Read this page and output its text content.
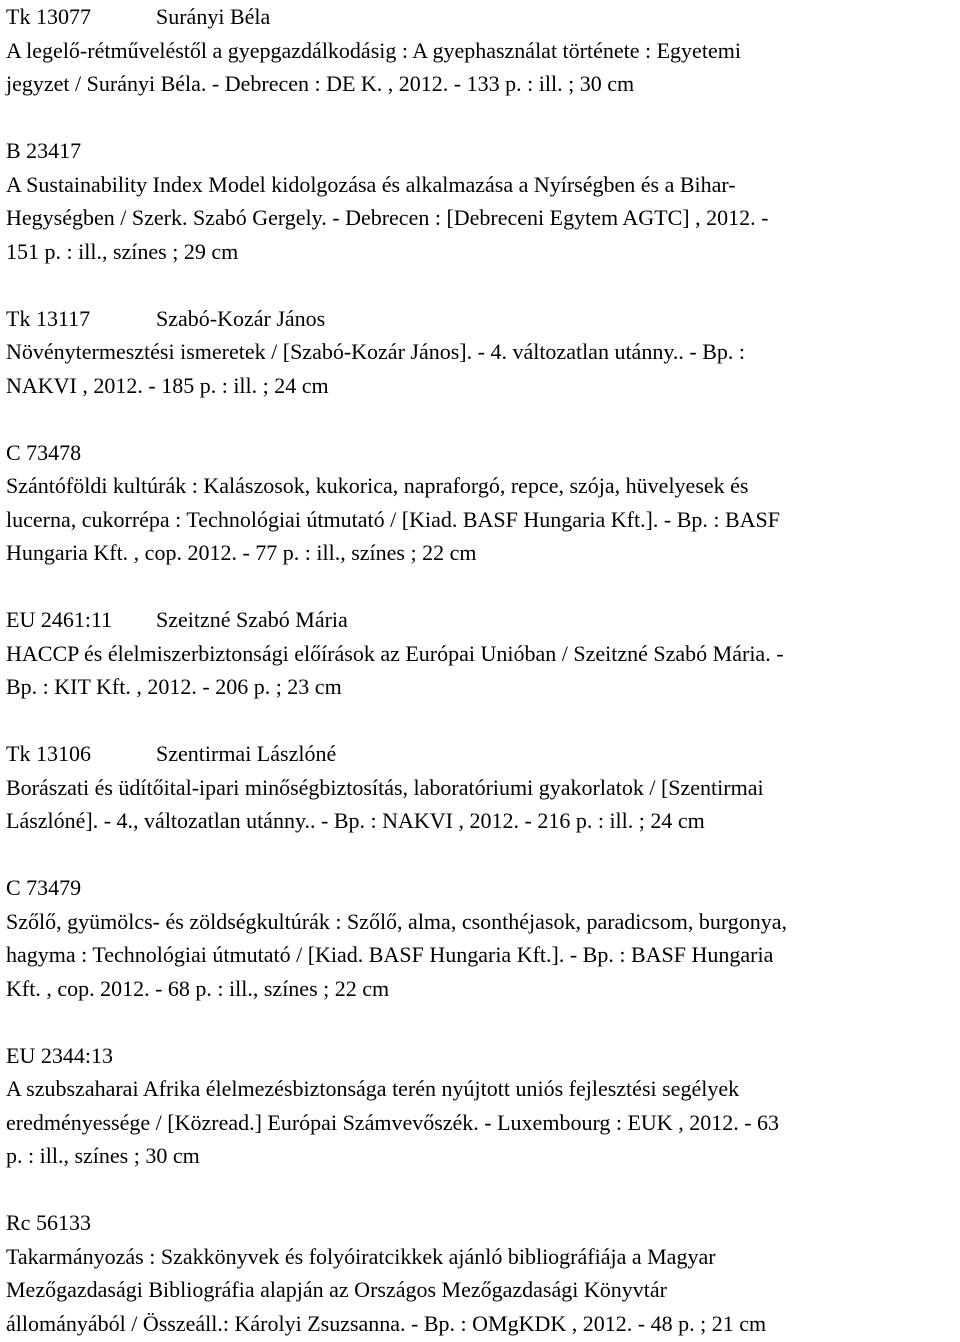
Tk 13077	Surányi Béla
A legelő-rétműveléstől a gyepgazdálkodásig : A gyephasználat története : Egyetemi
jegyzet / Surányi Béla. - Debrecen : DE K. , 2012. - 133 p. : ill. ; 30 cm
B 23417
A Sustainability Index Model kidolgozása és alkalmazása a Nyírségben és a Bihar-
Hegységben / Szerk. Szabó Gergely. - Debrecen : [Debreceni Egytem AGTC] , 2012. -
151 p. : ill., színes ; 29 cm
Tk 13117	Szabó-Kozár János
Növénytermesztési ismeretek / [Szabó-Kozár János]. - 4. változatlan utánny.. - Bp. :
NAKVI , 2012. - 185 p. : ill. ; 24 cm
C 73478
Szántóföldi kultúrák : Kalászosok, kukorica, napraforgó, repce, szója, hüvelyesek és
lucerna, cukorrépa : Technológiai útmutató / [Kiad. BASF Hungaria Kft.]. - Bp. : BASF
Hungaria Kft. , cop. 2012. - 77 p. : ill., színes ; 22 cm
EU 2461:11 Szeitzné Szabó Mária
HACCP és élelmiszerbiztonsági előírások az Európai Unióban / Szeitzné Szabó Mária. -
Bp. : KIT Kft. , 2012. - 206 p. ; 23 cm
Tk 13106	Szentirmai Lászlóné
Borászati és üdítőital-ipari minőségbiztosítás, laboratóriumi gyakorlatok / [Szentirmai
Lászlóné]. - 4., változatlan utánny.. - Bp. : NAKVI , 2012. - 216 p. : ill. ; 24 cm
C 73479
Szőlő, gyümölcs- és zöldségkultúrák : Szőlő, alma, csonthéjasok, paradicsom, burgonya,
hagyma : Technológiai útmutató / [Kiad. BASF Hungaria Kft.]. - Bp. : BASF Hungaria
Kft. , cop. 2012. - 68 p. : ill., színes ; 22 cm
EU 2344:13
A szubszaharai Afrika élelmezésbiztonsága terén nyújtott uniós fejlesztési segélyek
eredményessége / [Közread.] Európai Számvevőszék. - Luxembourg : EUK , 2012. - 63
p. : ill., színes ; 30 cm
Rc 56133
Takarmányozás : Szakkönyvek és folyóiratcikkek ajánló bibliográfiája a Magyar
Mezőgazdasági Bibliográfia alapján az Országos Mezőgazdasági Könyvtár
állományából / Összeáll.: Károlyi Zsuzsanna. - Bp. : OMgKDK , 2012. - 48 p. ; 21 cm
